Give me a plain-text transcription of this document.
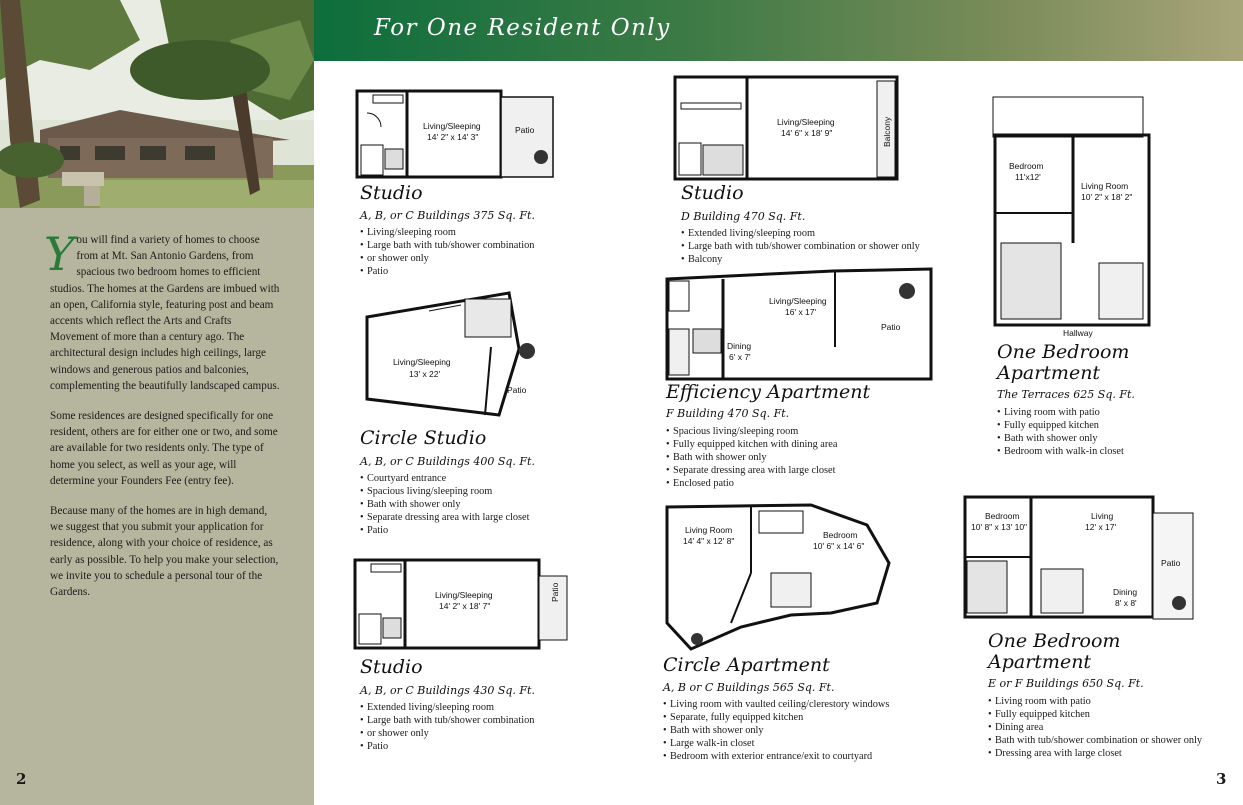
You will find a variety of homes to choose from at Mt. San Antonio Gardens, from spacious two bedroom homes to efficient studios. The homes at the Gardens are imbued with an open, California style, featuring post and beam accents which reflect the Arts and Crafts Movement of more than a century ago. The architectural design includes high ceilings, large windows and generous patios and balconies, complementing the beautifully landscaped campus.

Some residences are designed specifically for one resident, others are for either one or two, and some are available for two residents only. The type of home you select, as well as your age, will determine your Founders Fee (entry fee).

Because many of the homes are in high demand, we suggest that you submit your application for residence, along with your choice of residence, as early as possible. To help you make your selection, we invite you to schedule a personal tour of the Gardens.

2	3
For One Resident Only
Living/Sleeping
14' 2" x 14' 3"
Patio
Studio
A, B, or C Buildings 375 Sq. Ft.
• Living/sleeping room
• Large bath with tub/shower combination
• or shower only
• Patio
Living/Sleeping
13' x 22'
Patio
Circle Studio
A, B, or C Buildings 400 Sq. Ft.
• Courtyard entrance
• Spacious living/sleeping room
• Bath with shower only
• Separate dressing area with large closet
• Patio
Living/Sleeping
14' 2" x 18' 7"
Patio
Studio
A, B, or C Buildings 430 Sq. Ft.
• Extended living/sleeping room
• Large bath with tub/shower combination
• or shower only
• Patio
Living/Sleeping
14' 6" x 18' 9"	Balcony
Studio
D Building 470 Sq. Ft.
• Extended living/sleeping room
• Large bath with tub/shower combination or shower only
• Balcony
Living/Sleeping
16' x 17'
Patio
Dining
6' x 7'
Efficiency Apartment
F Building 470 Sq. Ft.
• Spacious living/sleeping room
• Fully equipped kitchen with dining area
• Bath with shower only
• Separate dressing area with large closet
• Enclosed patio
Living Room
14' 4" x 12' 8"
Bedroom
10' 6" x 14' 6"
Circle Apartment
A, B or C Buildings 565 Sq. Ft.
• Living room with vaulted ceiling/clerestory windows
• Separate, fully equipped kitchen
• Bath with shower only
• Large walk-in closet
• Bedroom with exterior entrance/exit to courtyard
Bedroom
11'x12'
Living Room
10' 2" x 18' 2"
Hallway
One Bedroom
Apartment
The Terraces 625 Sq. Ft.
• Living room with patio
• Fully equipped kitchen
• Bath with shower only
• Bedroom with walk-in closet
Bedroom
10' 8" x 13' 10"
Living
12' x 17'
Dining
8' x 8'
Patio
One Bedroom
Apartment
E or F Buildings 650 Sq. Ft.
• Living room with patio
• Fully equipped kitchen
• Dining area
• Bath with tub/shower combination or shower only
• Dressing area with large closet
